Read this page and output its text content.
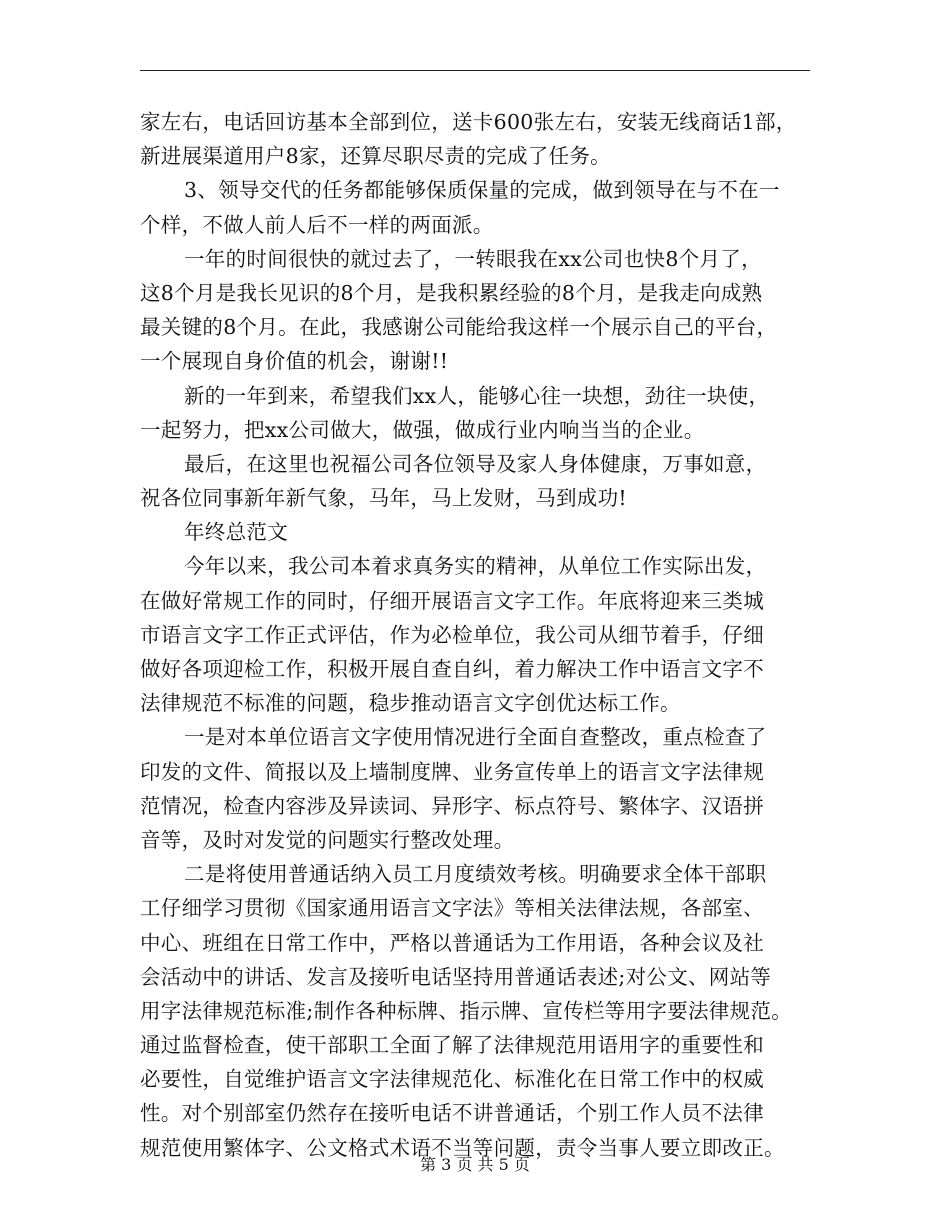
家左右，电话回访基本全部到位，送卡600张左右，安装无线商话1部，
新进展渠道用户8家，还算尽职尽责的完成了任务。
3、领导交代的任务都能够保质保量的完成，做到领导在与不在一
个样，不做人前人后不一样的两面派。
一年的时间很快的就过去了，一转眼我在xx公司也快8个月了，
这8个月是我长见识的8个月，是我积累经验的8个月，是我走向成熟
最关键的8个月。在此，我感谢公司能给我这样一个展示自己的平台，
一个展现自身价值的机会，谢谢!!
新的一年到来，希望我们xx人，能够心往一块想，劲往一块使，
一起努力，把xx公司做大，做强，做成行业内响当当的企业。
最后，在这里也祝福公司各位领导及家人身体健康，万事如意，
祝各位同事新年新气象，马年，马上发财，马到成功!
年终总范文
今年以来，我公司本着求真务实的精神，从单位工作实际出发，
在做好常规工作的同时，仔细开展语言文字工作。年底将迎来三类城
市语言文字工作正式评估，作为必检单位，我公司从细节着手，仔细
做好各项迎检工作，积极开展自查自纠，着力解决工作中语言文字不
法律规范不标准的问题，稳步推动语言文字创优达标工作。
一是对本单位语言文字使用情况进行全面自查整改，重点检查了
印发的文件、简报以及上墙制度牌、业务宣传单上的语言文字法律规
范情况，检查内容涉及异读词、异形字、标点符号、繁体字、汉语拼
音等，及时对发觉的问题实行整改处理。
二是将使用普通话纳入员工月度绩效考核。明确要求全体干部职
工仔细学习贯彻《国家通用语言文字法》等相关法律法规，各部室、
中心、班组在日常工作中，严格以普通话为工作用语，各种会议及社
会活动中的讲话、发言及接听电话坚持用普通话表述;对公文、网站等
用字法律规范标准;制作各种标牌、指示牌、宣传栏等用字要法律规范。
通过监督检查，使干部职工全面了解了法律规范用语用字的重要性和
必要性，自觉维护语言文字法律规范化、标准化在日常工作中的权威
性。对个别部室仍然存在接听电话不讲普通话，个别工作人员不法律
规范使用繁体字、公文格式术语不当等问题，责令当事人要立即改正。
第 3 页 共 5 页
